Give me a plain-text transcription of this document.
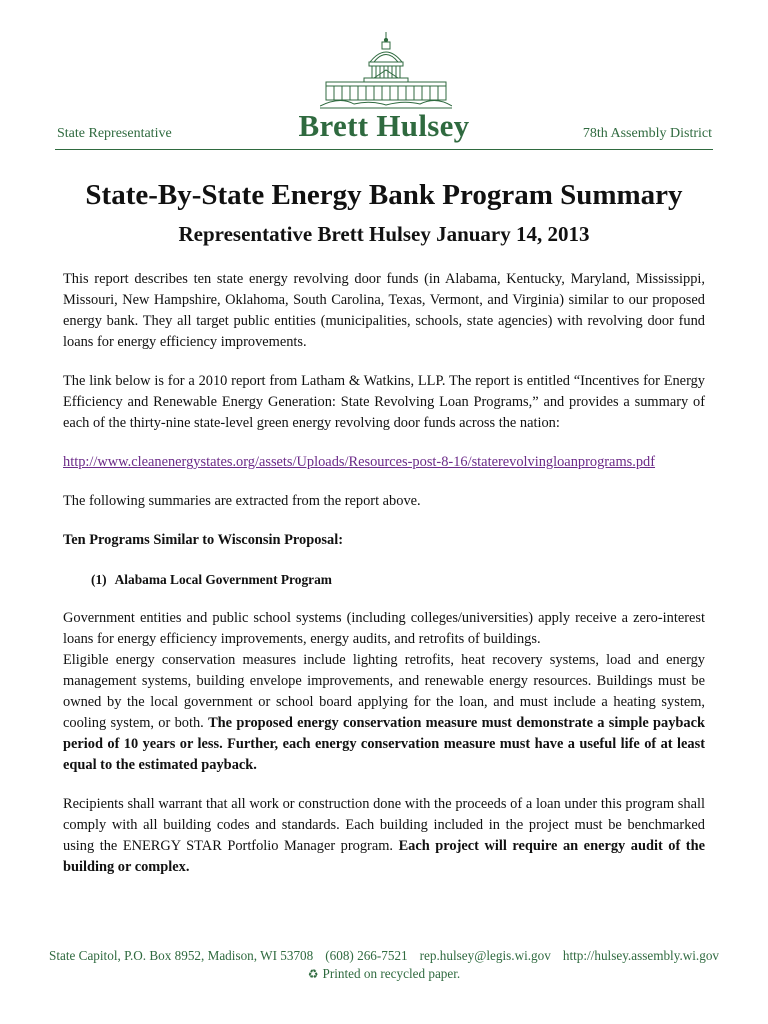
State Representative	Brett Hulsey	78th Assembly District
State-By-State Energy Bank Program Summary
Representative Brett Hulsey January 14, 2013

This report describes ten state energy revolving door funds (in Alabama, Kentucky, Maryland, Mississippi, Missouri, New Hampshire, Oklahoma, South Carolina, Texas, Vermont, and Virginia) similar to our proposed energy bank. They all target public entities (municipalities, schools, state agencies) with revolving door fund loans for energy efficiency improvements.

The link below is for a 2010 report from Latham & Watkins, LLP. The report is entitled “Incentives for Energy Efficiency and Renewable Energy Generation: State Revolving Loan Programs,” and provides a summary of each of the thirty-nine state-level green energy revolving door funds across the nation:

http://www.cleanenergystates.org/assets/Uploads/Resources-post-8-16/staterevolvingloanprograms.pdf

The following summaries are extracted from the report above.

Ten Programs Similar to Wisconsin Proposal:

(1) Alabama Local Government Program

Government entities and public school systems (including colleges/universities) apply receive a zero-interest loans for energy efficiency improvements, energy audits, and retrofits of buildings.

Eligible energy conservation measures include lighting retrofits, heat recovery systems, load and energy management systems, building envelope improvements, and renewable energy resources. Buildings must be owned by the local government or school board applying for the loan, and must include a heating system, cooling system, or both. The proposed energy conservation measure must demonstrate a simple payback period of 10 years or less. Further, each energy conservation measure must have a useful life of at least equal to the estimated payback.

Recipients shall warrant that all work or construction done with the proceeds of a loan under this program shall comply with all building codes and standards. Each building included in the project must be benchmarked using the ENERGY STAR Portfolio Manager program. Each project will require an energy audit of the building or complex.

State Capitol, P.O. Box 8952, Madison, WI 53708 (608) 266-7521 rep.hulsey@legis.wi.gov http://hulsey.assembly.wi.gov
♻ Printed on recycled paper.
